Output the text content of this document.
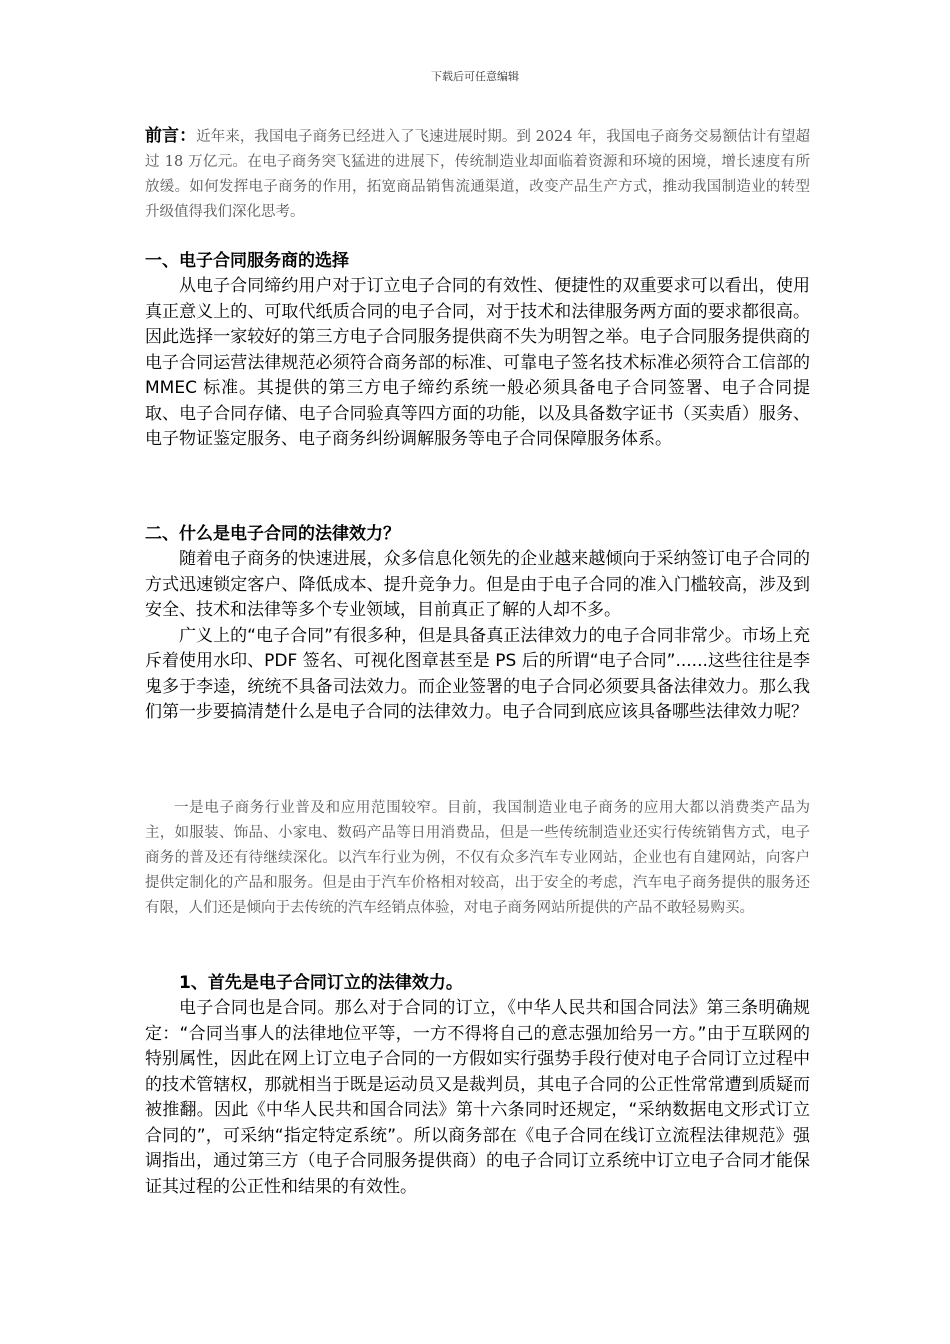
下载后可任意编辑

前言：近年来，我国电子商务已经进入了飞速进展时期。到 2024 年，我国电子商务交易额估计有望超过 18 万亿元。在电子商务突飞猛进的进展下，传统制造业却面临着资源和环境的困境，增长速度有所放缓。如何发挥电子商务的作用，拓宽商品销售流通渠道，改变产品生产方式，推动我国制造业的转型升级值得我们深化思考。

一、电子合同服务商的选择

从电子合同缔约用户对于订立电子合同的有效性、便捷性的双重要求可以看出，使用真正意义上的、可取代纸质合同的电子合同，对于技术和法律服务两方面的要求都很高。因此选择一家较好的第三方电子合同服务提供商不失为明智之举。电子合同服务提供商的电子合同运营法律规范必须符合商务部的标准、可靠电子签名技术标准必须符合工信部的 MMEC 标准。其提供的第三方电子缔约系统一般必须具备电子合同签署、电子合同提取、电子合同存储、电子合同验真等四方面的功能，以及具备数字证书（买卖盾）服务、电子物证鉴定服务、电子商务纠纷调解服务等电子合同保障服务体系。

二、什么是电子合同的法律效力？

随着电子商务的快速进展，众多信息化领先的企业越来越倾向于采纳签订电子合同的方式迅速锁定客户、降低成本、提升竞争力。但是由于电子合同的准入门槛较高，涉及到安全、技术和法律等多个专业领域，目前真正了解的人却不多。

广义上的“电子合同”有很多种，但是具备真正法律效力的电子合同非常少。市场上充斥着使用水印、PDF 签名、可视化图章甚至是 PS 后的所谓“电子合同”......这些往往是李鬼多于李逵，统统不具备司法效力。而企业签署的电子合同必须要具备法律效力。那么我们第一步要搞清楚什么是电子合同的法律效力。电子合同到底应该具备哪些法律效力呢？

一是电子商务行业普及和应用范围较窄。目前，我国制造业电子商务的应用大都以消费类产品为主，如服装、饰品、小家电、数码产品等日用消费品，但是一些传统制造业还实行传统销售方式，电子商务的普及还有待继续深化。以汽车行业为例，不仅有众多汽车专业网站，企业也有自建网站，向客户提供定制化的产品和服务。但是由于汽车价格相对较高，出于安全的考虑，汽车电子商务提供的服务还有限，人们还是倾向于去传统的汽车经销点体验，对电子商务网站所提供的产品不敢轻易购买。

1、首先是电子合同订立的法律效力。

电子合同也是合同。那么对于合同的订立，《中华人民共和国合同法》第三条明确规定：“合同当事人的法律地位平等，一方不得将自己的意志强加给另一方。”由于互联网的特别属性，因此在网上订立电子合同的一方假如实行强势手段行使对电子合同订立过程中的技术管辖权，那就相当于既是运动员又是裁判员，其电子合同的公正性常常遭到质疑而被推翻。因此《中华人民共和国合同法》第十六条同时还规定，“采纳数据电文形式订立合同的”，可采纳“指定特定系统”。所以商务部在《电子合同在线订立流程法律规范》强调指出，通过第三方（电子合同服务提供商）的电子合同订立系统中订立电子合同才能保证其过程的公正性和结果的有效性。
